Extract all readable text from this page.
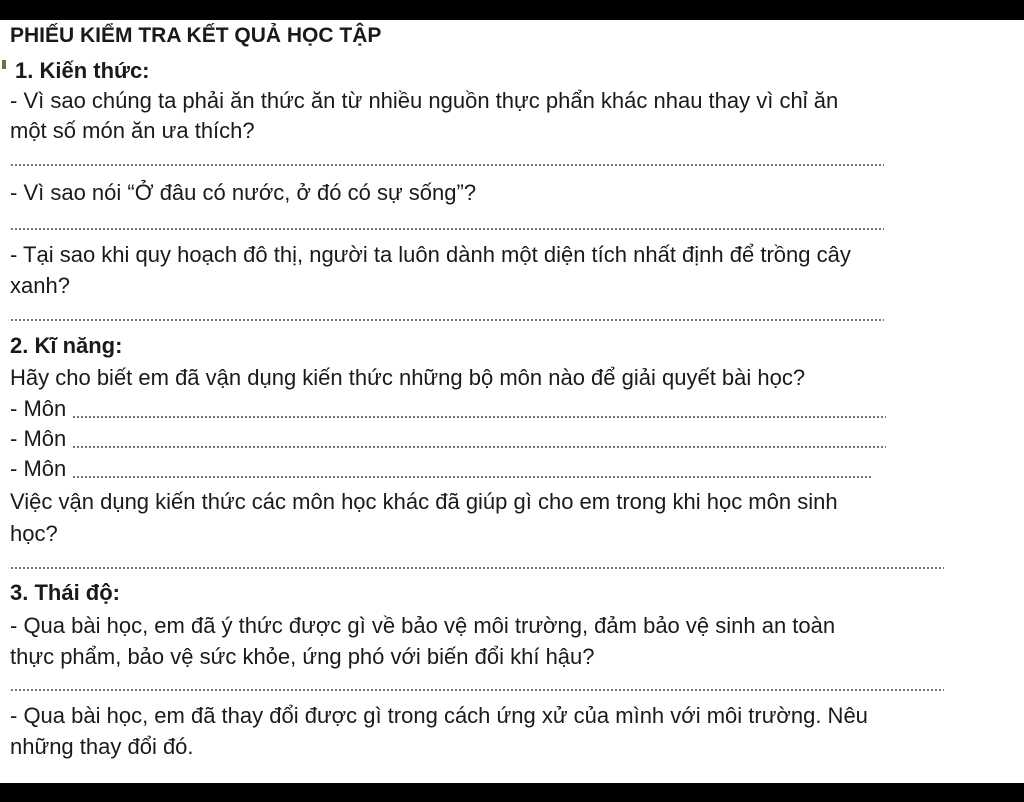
PHIẾU KIỂM TRA KẾT QUẢ HỌC TẬP
1. Kiến thức:
- Vì sao chúng ta phải ăn thức ăn từ nhiều nguồn thực phẩn khác nhau thay vì chỉ ăn
một số món ăn ưa thích?
- Vì sao nói “Ở đâu có nước, ở đó có sự sống”?
- Tại sao khi quy hoạch đô thị, người ta luôn dành một diện tích nhất định để trồng cây
xanh?
2. Kĩ năng:
Hãy cho biết em đã vận dụng kiến thức những bộ môn nào để giải quyết bài học?
- Môn
- Môn
- Môn
Việc vận dụng kiến thức các môn học khác đã giúp gì cho em trong khi học môn sinh
học?
3. Thái độ:
- Qua bài học, em đã ý thức được gì về bảo vệ môi trường, đảm bảo vệ sinh an toàn
thực phẩm, bảo vệ sức khỏe, ứng phó với biến đổi khí hậu?
- Qua bài học, em đã thay đổi được gì trong cách ứng xử của mình với môi trường. Nêu
những thay đổi đó.
